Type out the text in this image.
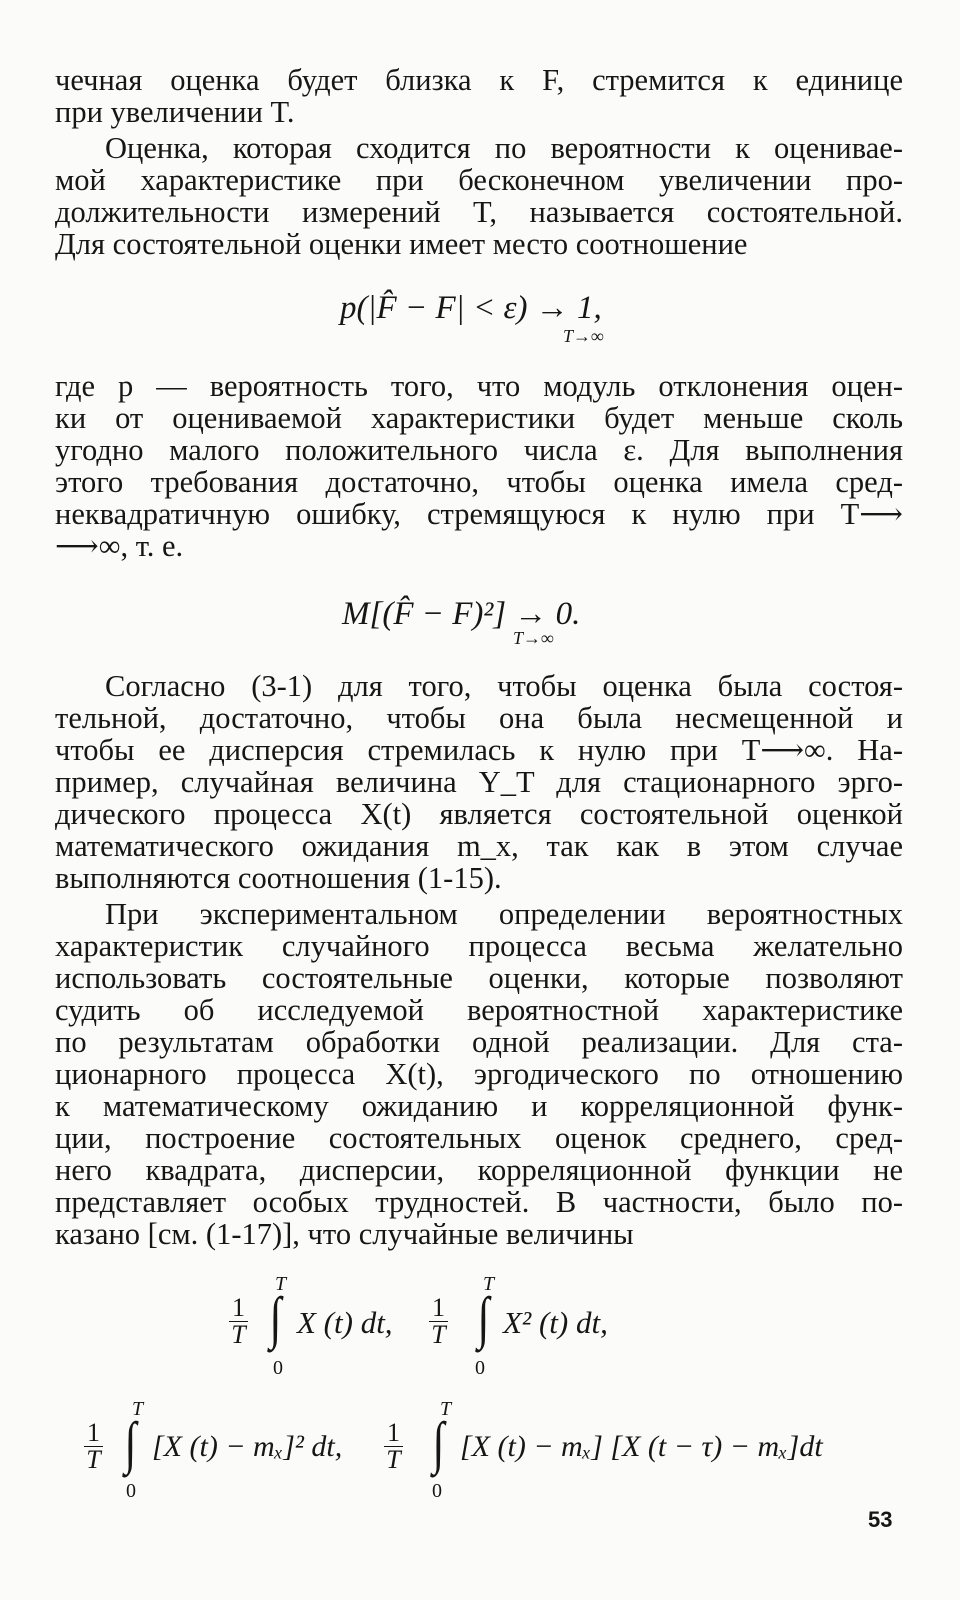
чечная оценка будет близка к F, стремится к единице
при увеличении T.
Оценка, которая сходится по вероятности к оценивае-
мой характеристике при бесконечном увеличении про-
должительности измерений T, называется состоятельной.
Для состоятельной оценки имеет место соотношение
p(|F̂ − F| < ε) → 1,
T→∞
где p — вероятность того, что модуль отклонения оцен-
ки от оцениваемой характеристики будет меньше сколь
угодно малого положительного числа ε. Для выполнения
этого требования достаточно, чтобы оценка имела сред-
неквадратичную ошибку, стремящуюся к нулю при T⟶
⟶∞, т. е.
M[(F̂ − F)²] → 0.
T→∞
Согласно (3-1) для того, чтобы оценка была состоя-
тельной, достаточно, чтобы она была несмещенной и
чтобы ее дисперсия стремилась к нулю при T⟶∞. На-
пример, случайная величина Y_T для стационарного эрго-
дического процесса X(t) является состоятельной оценкой
математического ожидания m_x, так как в этом случае
выполняются соотношения (1-15).
При экспериментальном определении вероятностных
характеристик случайного процесса весьма желательно
использовать состоятельные оценки, которые позволяют
судить об исследуемой вероятностной характеристике
по результатам обработки одной реализации. Для ста-
ционарного процесса X(t), эргодического по отношению
к математическому ожиданию и корреляционной функ-
ции, построение состоятельных оценок среднего, сред-
него квадрата, дисперсии, корреляционной функции не
представляет особых трудностей. В частности, было по-
казано [см. (1-17)], что случайные величины
$\frac{1}{T}$
T
∫
0
X (t) dt, $\frac{1}{T}$
T
∫
0
X² (t) dt,
$\frac{1}{T}$
T
∫
0
[X (t) − mₓ]² dt, $\frac{1}{T}$
T
∫
0
[X (t) − mₓ] [X (t − τ) − mₓ]dt
53
